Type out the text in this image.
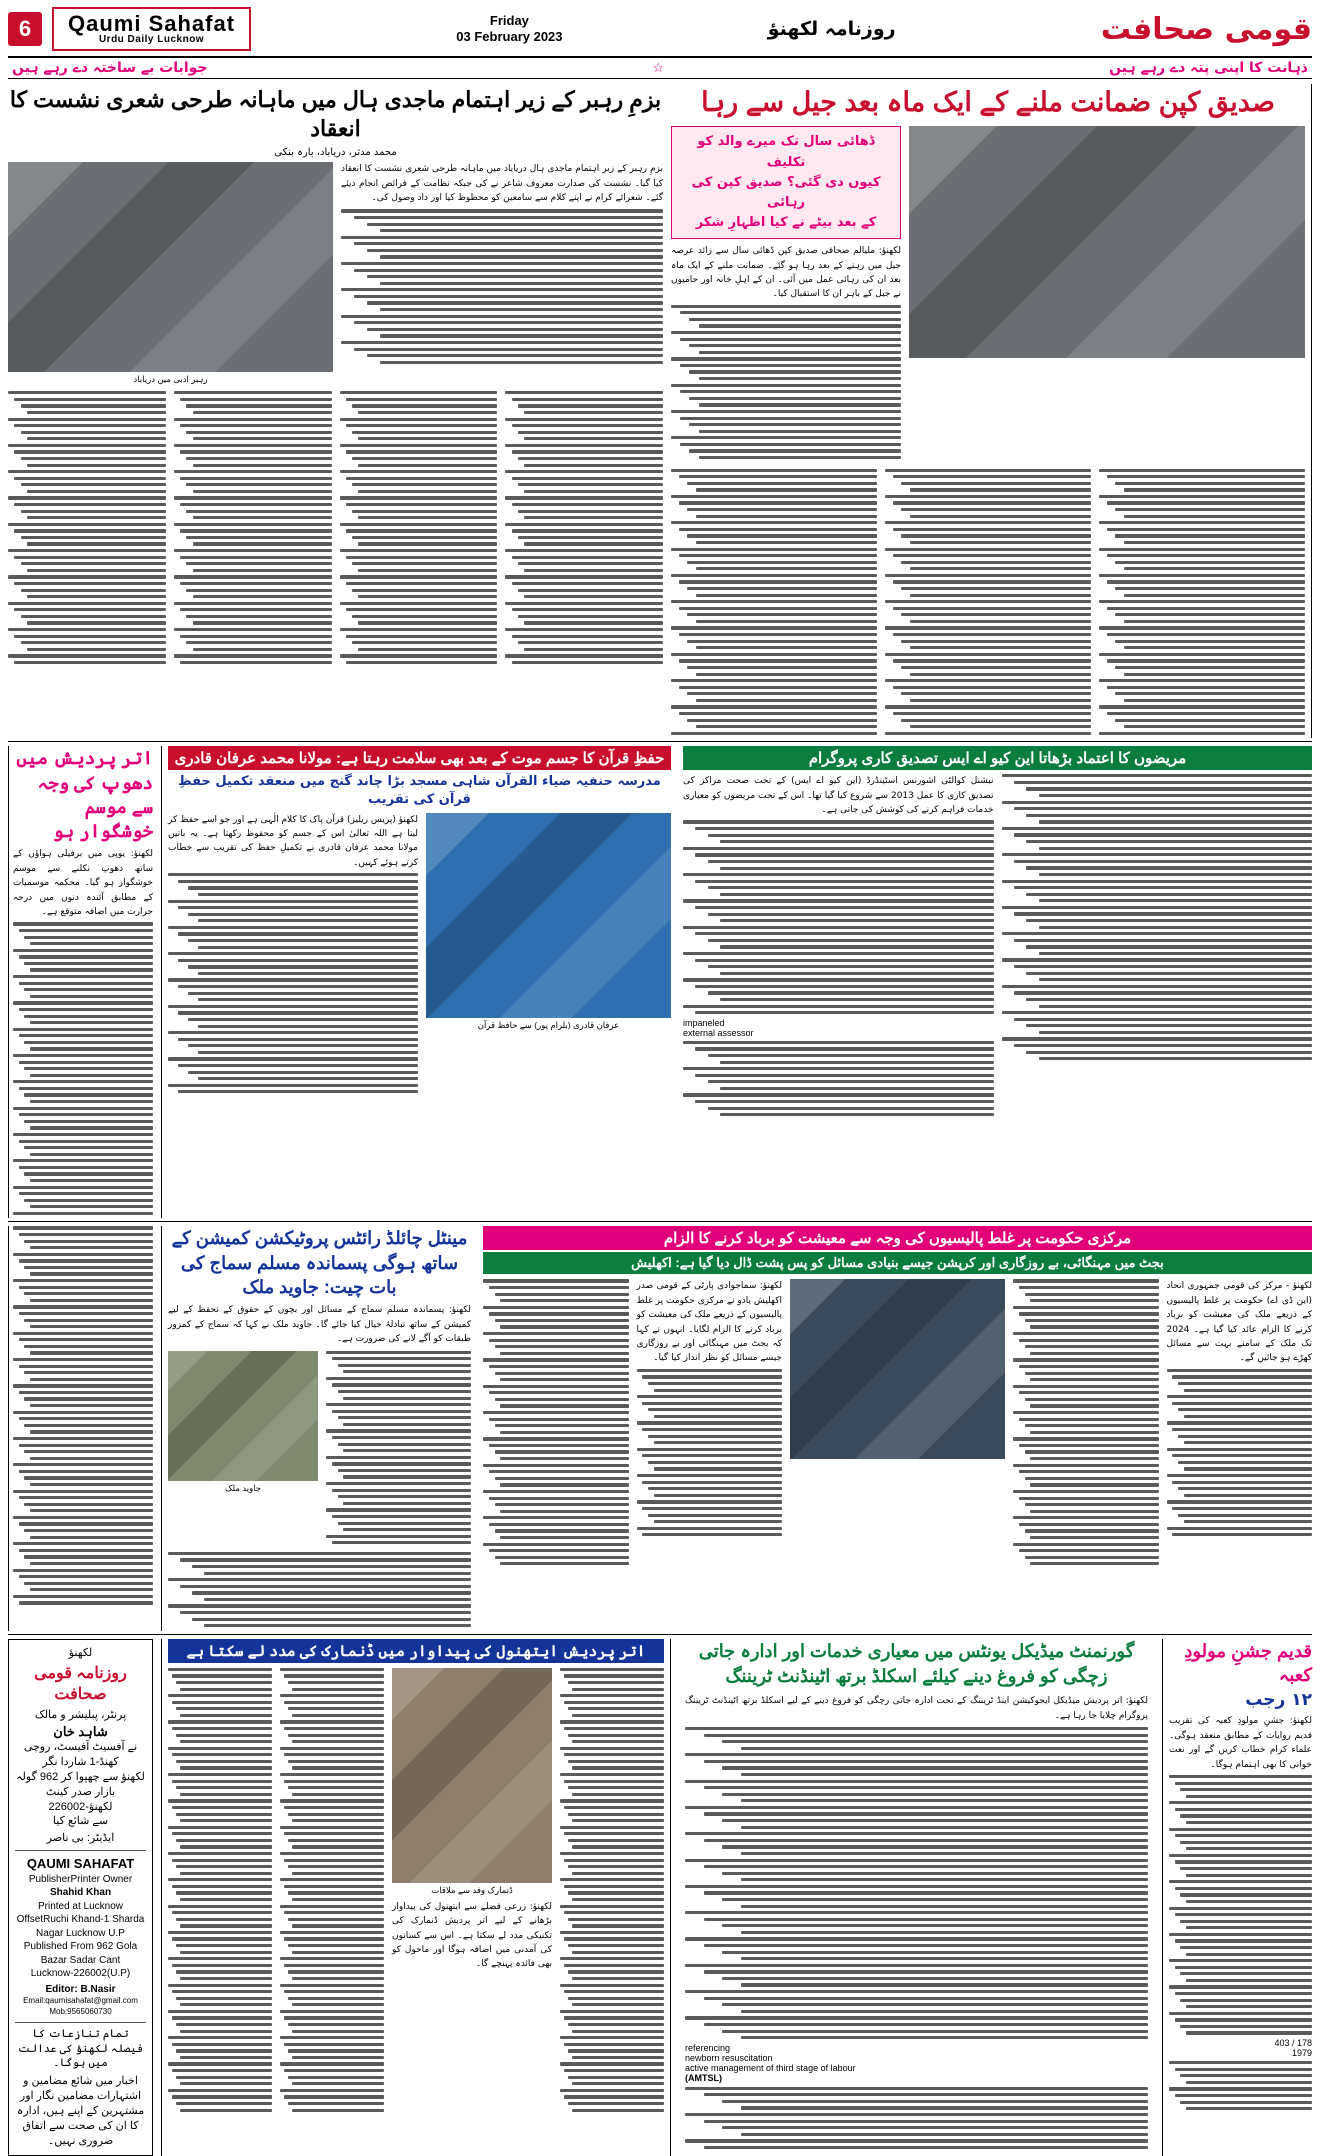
6	Qaumi Sahafat
Urdu Daily Lucknow
Friday
03 February 2023	روزنامہ لکھنؤ	قومی صحافت
جوابات بے ساختہ دے رہے ہیں	☆	ذہانت کا اپنی پتہ دے رہے ہیں
بزمِ رہبر کے زیر اہتمام ماجدی ہال میں ماہانہ طرحی شعری نشست کا انعقاد
محمد مدثر، دریاباد، بارہ بنکی
رہبر ادبی میں دریاباد
بزمِ رہبر کے زیر اہتمام ماجدی ہال دریاباد میں ماہانہ طرحی شعری نشست کا انعقاد کیا گیا۔ نشست کی صدارت معروف شاعر نے کی جبکہ نظامت کے فرائض انجام دیئے گئے۔ شعرائے کرام نے اپنے کلام سے سامعین کو محظوظ کیا اور داد وصول کی۔
صدیق کپن ضمانت ملنے کے ایک ماہ بعد جیل سے رہا
ڈھائی سال تک میرے والد کو تکلیف
کیوں دی گئی؟ صدیق کپن کی رہائی
کے بعد بیٹے نے کیا اظہارِ شکر
لکھنؤ: ملیالم صحافی صدیق کپن ڈھائی سال سے زائد عرصہ جیل میں رہنے کے بعد رہا ہو گئے۔ ضمانت ملنے کے ایک ماہ بعد ان کی رہائی عمل میں آئی۔ ان کے اہلِ خانہ اور حامیوں نے جیل کے باہر ان کا استقبال کیا۔
اتر پردیش میں دھوپ کی وجہ سے موسم خوشگوار ہو
لکھنؤ: یوپی میں برفیلی ہواؤں کے ساتھ دھوپ نکلنے سے موسم خوشگوار ہو گیا۔ محکمہ موسمیات کے مطابق آئندہ دنوں میں درجہ حرارت میں اضافہ متوقع ہے۔
حفظِ قرآن کا جسم موت کے بعد بھی سلامت رہتا ہے: مولانا محمد عرفان قادری
مدرسہ حنفیہ ضیاء القرآن شاہی مسجد بڑا چاند گنج میں منعقد تکمیل حفظِ قرآن کی تقریب
لکھنؤ (پریس ریلیز) قرآن پاک کا کلام الٰہی ہے اور جو اسے حفظ کر لیتا ہے اللہ تعالیٰ اس کے جسم کو محفوظ رکھتا ہے۔ یہ باتیں مولانا محمد عرفان قادری نے تکمیلِ حفظ کی تقریب سے خطاب کرتے ہوئے کہیں۔
عرفان قادری (بلرام پور) سے حافظ قرآن
مریضوں کا اعتماد بڑھاتا این کیو اے ایس تصدیق کاری پروگرام
نیشنل کوالٹی اشورنس اسٹینڈرڈ (این کیو اے ایس) کے تحت صحت مراکز کی تصدیق کاری کا عمل 2013 سے شروع کیا گیا تھا۔ اس کے تحت مریضوں کو معیاری خدمات فراہم کرنے کی کوشش کی جاتی ہے۔
impaneled
external assessor
مینٹل چائلڈ رائٹس پروٹیکشن کمیشن کے ساتھ ہوگی پسماندہ مسلم سماج کی بات چیت: جاوید ملک
لکھنؤ: پسماندہ مسلم سماج کے مسائل اور بچوں کے حقوق کے تحفظ کے لیے کمیشن کے ساتھ تبادلۂ خیال کیا جائے گا۔ جاوید ملک نے کہا کہ سماج کے کمزور طبقات کو آگے لانے کی ضرورت ہے۔
جاوید ملک
مرکزی حکومت پر غلط پالیسیوں کی وجہ سے معیشت کو برباد کرنے کا الزام
بجٹ میں مہنگائی، بے روزگاری اور کرپشن جیسے بنیادی مسائل کو پس پشت ڈال دیا گیا ہے: اکھلیش
لکھنؤ: سماجوادی پارٹی کے قومی صدر اکھلیش یادو نے مرکزی حکومت پر غلط پالیسیوں کے ذریعے ملک کی معیشت کو برباد کرنے کا الزام لگایا۔ انہوں نے کہا کہ بجٹ میں مہنگائی اور بے روزگاری جیسے مسائل کو نظر انداز کیا گیا۔
لکھنؤ - مرکز کی قومی جمہوری اتحاد (این ڈی اے) حکومت پر غلط پالیسیوں کے ذریعے ملک کی معیشت کو برباد کرنے کا الزام عائد کیا گیا ہے۔ 2024 تک ملک کے سامنے بہت سے مسائل کھڑے ہو جائیں گے۔
لکھنؤ
روزنامہ قومی صحافت
پرنٹر، پبلیشر و مالک
شاہد خان
نے آفسیٹ آفیسٹ، روچی کھنڈ-1 شاردا نگر
لکھنؤ سے چھپوا کر 962 گولہ
بازار صدر کینٹ لکھنؤ-226002
سے شائع کیا
ایڈیٹر: بی ناصر
QAUMI SAHAFAT
PublisherPrinter Owner
Shahid Khan
Printed at Lucknow
OffsetRuchi Khand-1 Sharda
Nagar Lucknow U.P
Published From 962 Gola
Bazar Sadar Cant
Lucknow-226002(U.P)
Editor: B.Nasir
Email:qaumisahafat@gmail.com
Mob:9565060730
تمام تنازعات کا فیصلہ لکھنؤ کی عدالت میں ہوگا۔
اخبار میں شائع مضامین و اشتہارات مضامین نگار اور مشتہرین کے اپنے ہیں، ادارہ کا ان کی صحت سے اتفاق ضروری نہیں۔
اتر پردیش ایتھنول کی پیداوار میں ڈنمارک کی مدد لے سکتا ہے
ڈنمارک وفد سے ملاقات
لکھنؤ: زرعی فضلے سے ایتھنول کی پیداوار بڑھانے کے لیے اتر پردیش ڈنمارک کی تکنیکی مدد لے سکتا ہے۔ اس سے کسانوں کی آمدنی میں اضافہ ہوگا اور ماحول کو بھی فائدہ پہنچے گا۔
گورنمنٹ میڈیکل یونٹس میں معیاری خدمات اور ادارہ جاتی زچگی کو فروغ دینے کیلئے اسکلڈ برتھ اٹینڈنٹ ٹریننگ
لکھنؤ: اتر پردیش میڈیکل ایجوکیشن اینڈ ٹریننگ کے تحت ادارہ جاتی زچگی کو فروغ دینے کے لیے اسکلڈ برتھ اٹینڈنٹ ٹریننگ پروگرام چلایا جا رہا ہے۔
referencing
newborn resuscitation
active management of third stage of labour
(AMTSL)
قدیم جشنِ مولودِ کعبہ
۱۲ رجب
لکھنؤ: جشنِ مولودِ کعبہ کی تقریب قدیم روایات کے مطابق منعقد ہوگی۔ علماء کرام خطاب کریں گے اور نعت خوانی کا بھی اہتمام ہوگا۔
403 / 178
1979
